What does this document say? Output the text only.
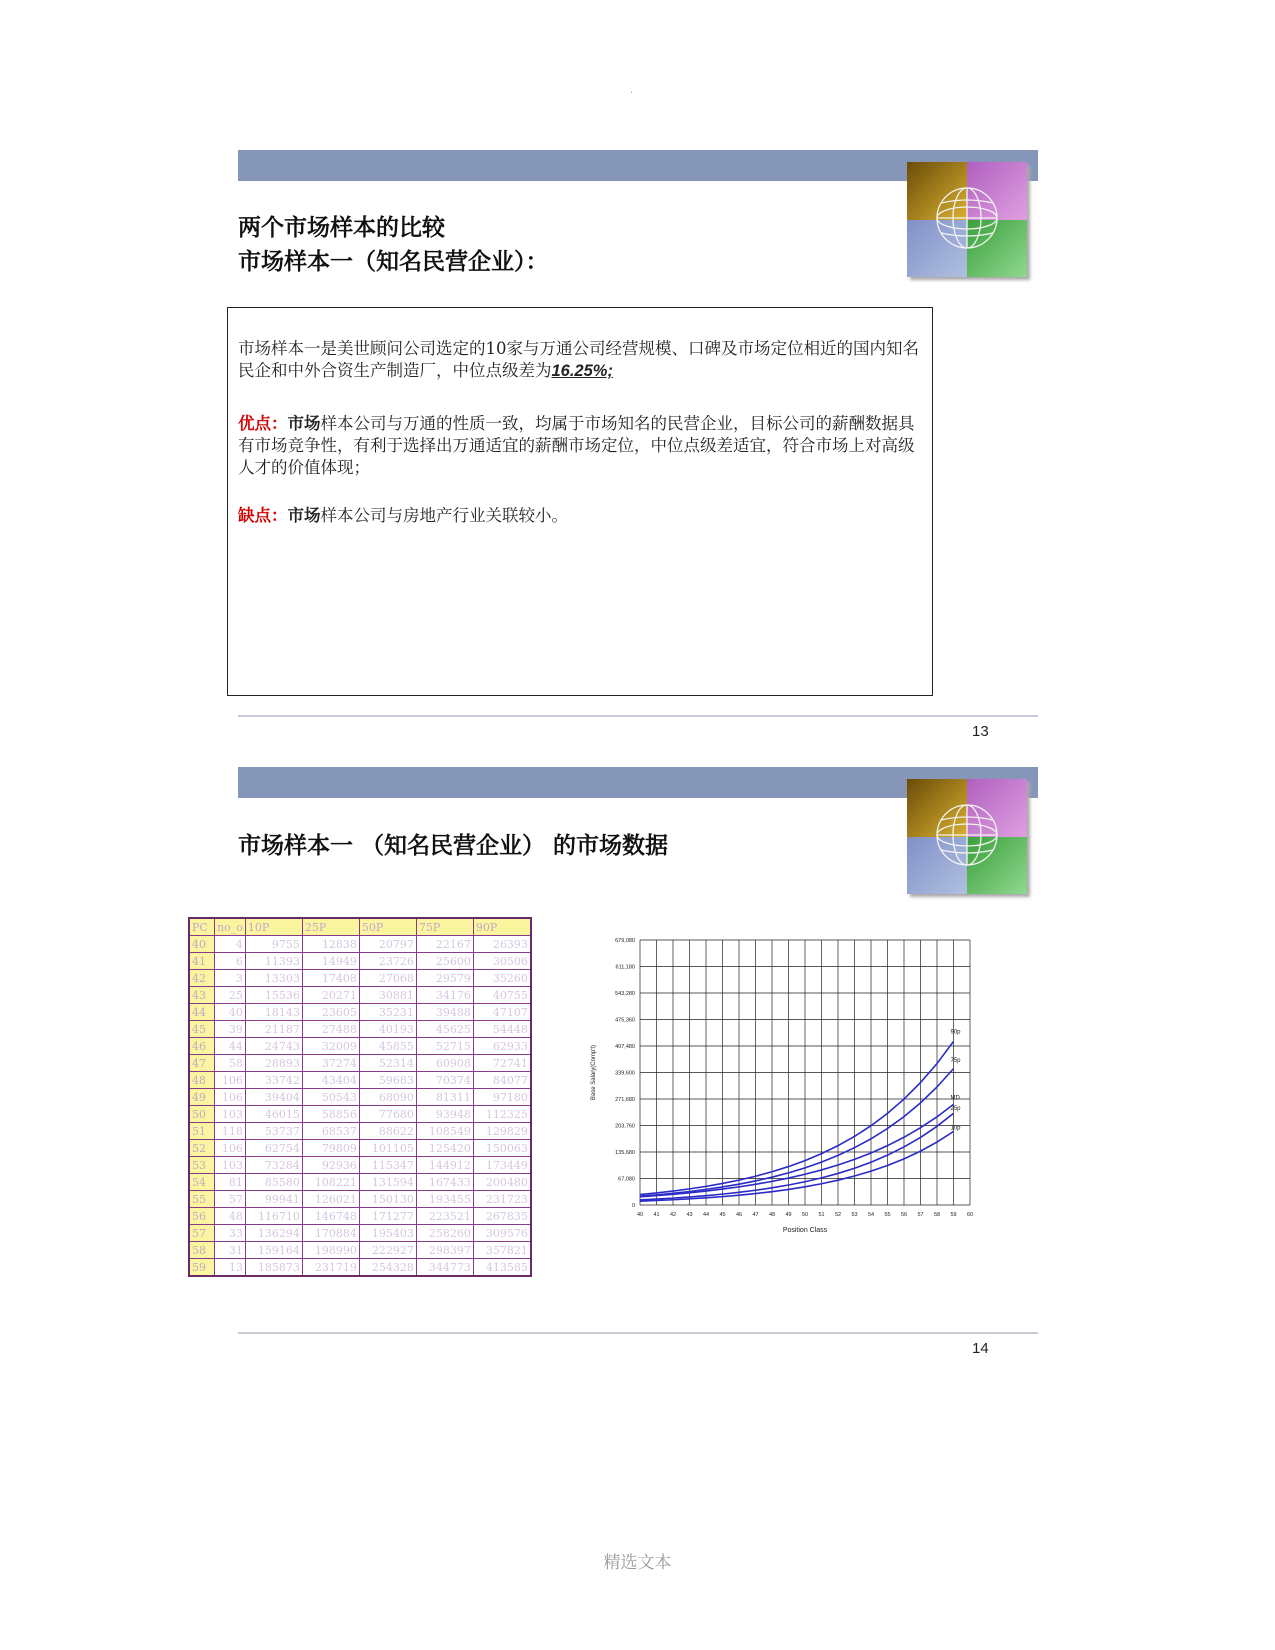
·
两个市场样本的比较
市场样本一（知名民营企业）：

市场样本一是美世顾问公司选定的10家与万通公司经营规模、口碑及市场定位相近的国内知名民企和中外合资生产制造厂，中位点级差为16.25%;

优点：市场样本公司与万通的性质一致，均属于市场知名的民营企业，目标公司的薪酬数据具有市场竞争性，有利于选择出万通适宜的薪酬市场定位，中位点级差适宜，符合市场上对高级人才的价值体现；

缺点：市场样本公司与房地产行业关联较小。

13
市场样本一 （知名民营企业） 的市场数据
PC	no_o	10P	25P	50P	75P	90P
40	4	9755	12838	20797	22167	26393
41	6	11393	14949	23726	25600	30506
42	3	13303	17408	27068	29579	35260
43	25	15536	20271	30881	34176	40755
44	40	18143	23605	35231	39488	47107
45	39	21187	27488	40193	45625	54448
46	44	24743	32009	45855	52715	62933
47	58	28893	37274	52314	60908	72741
48	106	33742	43404	59683	70374	84077
49	106	39404	50543	68090	81311	97180
50	103	46015	58856	77680	93948	112325
51	118	53737	68537	88622	108549	129829
52	106	62754	79809	101105	125420	150063
53	103	73284	92936	115347	144912	173449
54	81	85580	108221	131594	167433	200480
55	57	99941	126021	150130	193455	231723
56	48	116710	146748	171277	223521	267835
57	33	136294	170884	195403	258260	309576
58	31	159164	198990	222927	298397	357821
59	13	185873	231719	254328	344773	413585
0
67,080
135,680
203,760
271,680
339,600
407,480
475,360
543,280
611,180
679,080
40 41 42 43 44 45 46 47 48 49 50 51 52 53 54 55 56 57 58 59 60
Position Class
Base Salary(Comp't)
90p
75p
MD
25p
10p
14
精选文本
